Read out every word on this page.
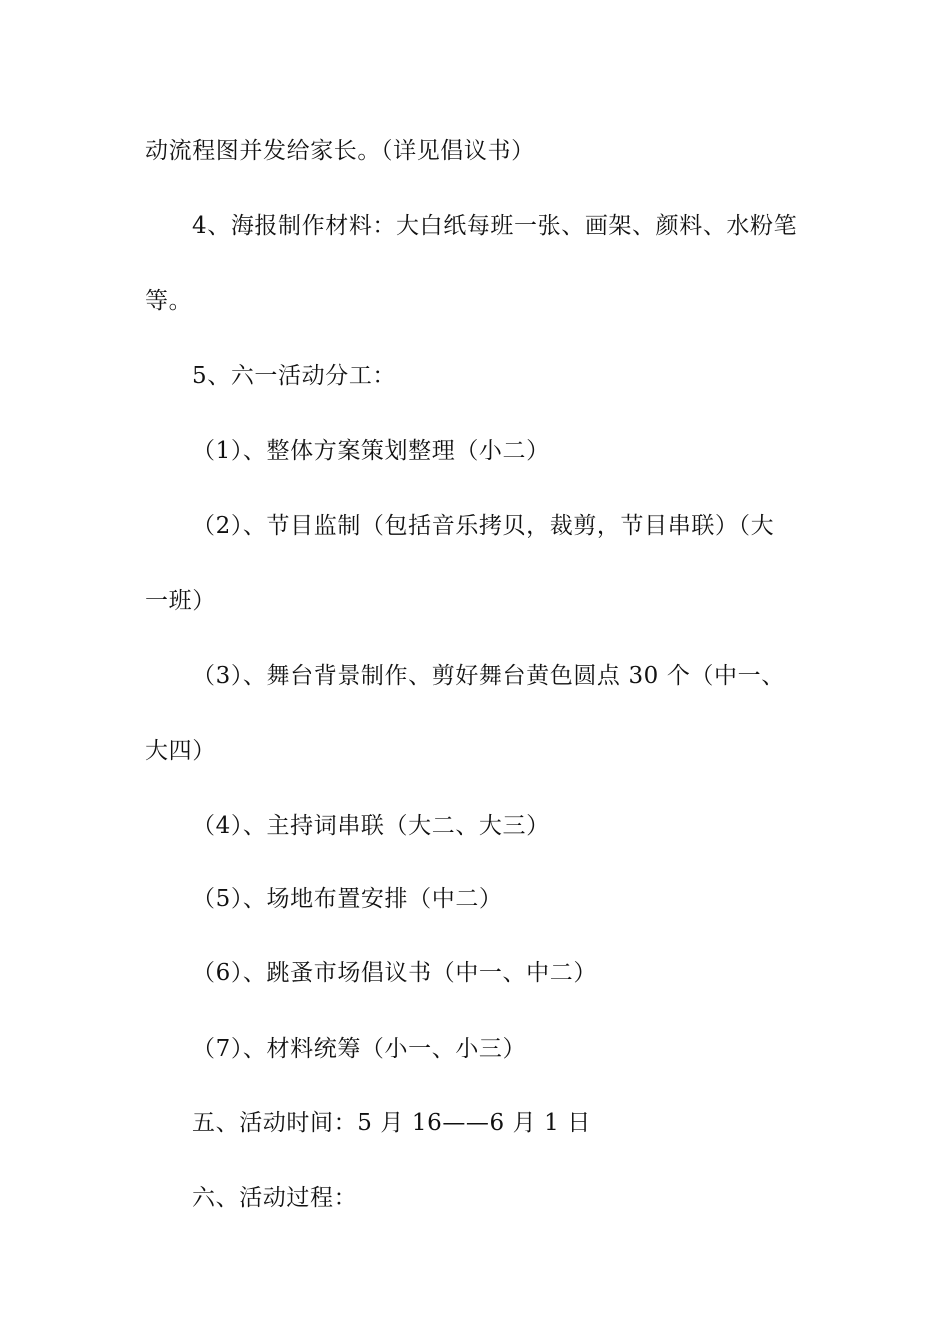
动流程图并发给家长。（详见倡议书）
4、海报制作材料：大白纸每班一张、画架、颜料、水粉笔
等。
5、六一活动分工：
（1）、整体方案策划整理（小二）
（2）、节目监制（包括音乐拷贝，裁剪，节目串联）（大
一班）
（3）、舞台背景制作、剪好舞台黄色圆点 30 个（中一、
大四）
（4）、主持词串联（大二、大三）
（5）、场地布置安排（中二）
（6）、跳蚤市场倡议书（中一、中二）
（7）、材料统筹（小一、小三）
五、活动时间：5 月 16——6 月 1 日
六、活动过程：
